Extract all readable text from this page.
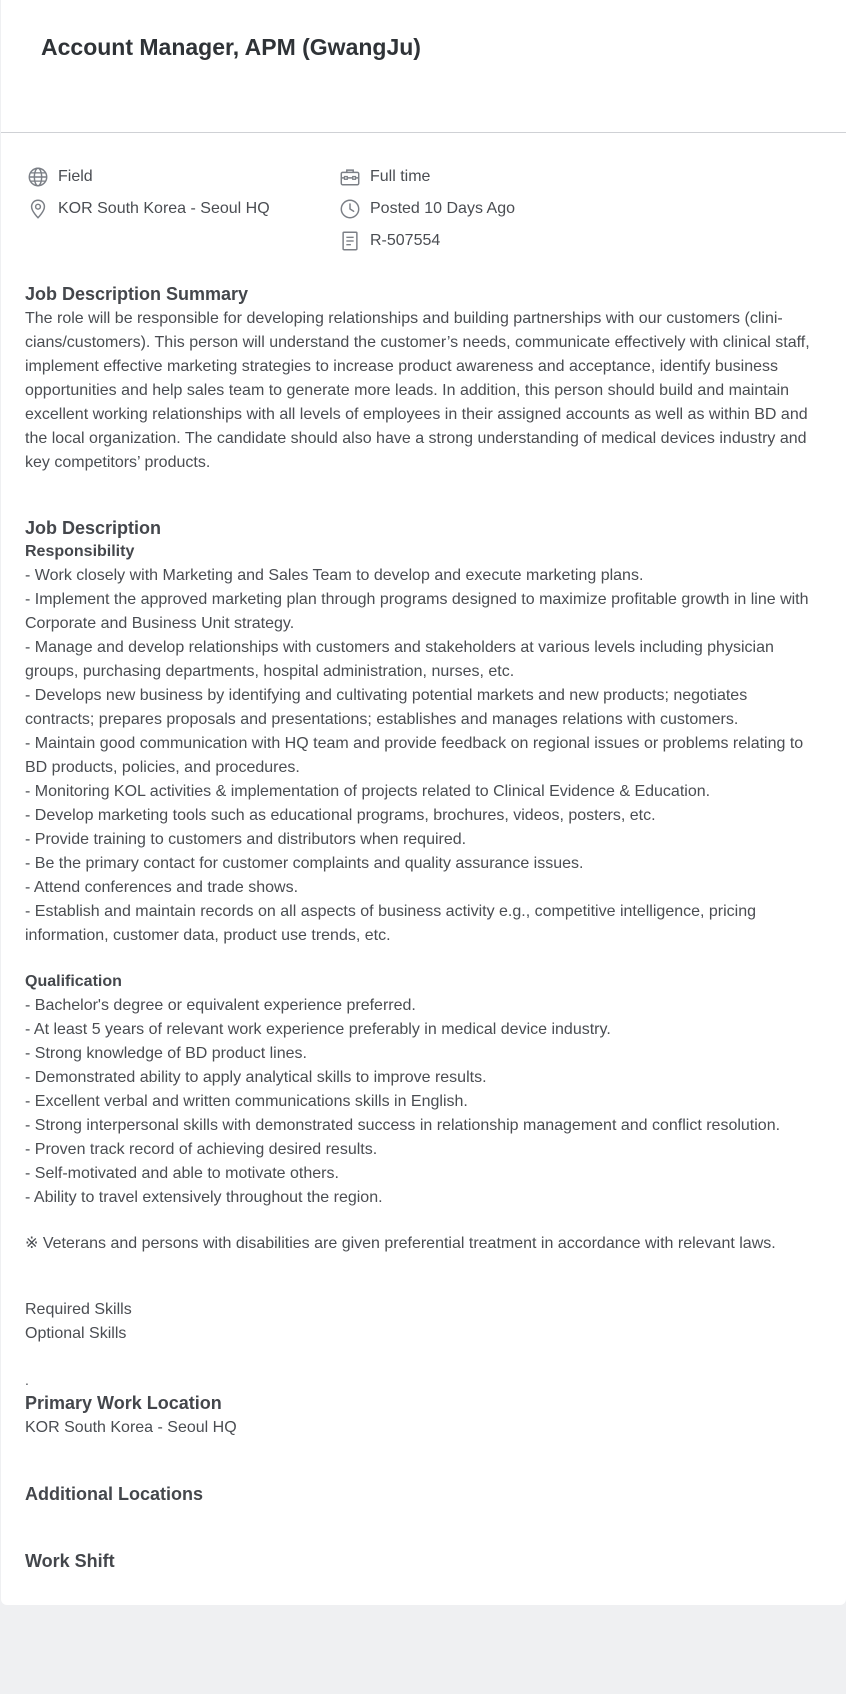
Account Manager, APM (GwangJu)
Field
KOR South Korea - Seoul HQ
Full time
Posted 10 Days Ago
R-507554
Job Description Summary
The role will be responsible for developing relationships and building partnerships with our customers (clini-
cians/customers). This person will understand the customer’s needs, communicate effectively with clinical staff,
implement effective marketing strategies to increase product awareness and acceptance, identify business
opportunities and help sales team to generate more leads. In addition, this person should build and maintain
excellent working relationships with all levels of employees in their assigned accounts as well as within BD and
the local organization. The candidate should also have a strong understanding of medical devices industry and
key competitors’ products.
Job Description
Responsibility
- Work closely with Marketing and Sales Team to develop and execute marketing plans.
- Implement the approved marketing plan through programs designed to maximize profitable growth in line with
Corporate and Business Unit strategy.
- Manage and develop relationships with customers and stakeholders at various levels including physician
groups, purchasing departments, hospital administration, nurses, etc.
- Develops new business by identifying and cultivating potential markets and new products; negotiates
contracts; prepares proposals and presentations; establishes and manages relations with customers.
- Maintain good communication with HQ team and provide feedback on regional issues or problems relating to
BD products, policies, and procedures.
- Monitoring KOL activities & implementation of projects related to Clinical Evidence & Education.
- Develop marketing tools such as educational programs, brochures, videos, posters, etc.
- Provide training to customers and distributors when required.
- Be the primary contact for customer complaints and quality assurance issues.
- Attend conferences and trade shows.
- Establish and maintain records on all aspects of business activity e.g., competitive intelligence, pricing
information, customer data, product use trends, etc.
Qualification
- Bachelor's degree or equivalent experience preferred.
- At least 5 years of relevant work experience preferably in medical device industry.
- Strong knowledge of BD product lines.
- Demonstrated ability to apply analytical skills to improve results.
- Excellent verbal and written communications skills in English.
- Strong interpersonal skills with demonstrated success in relationship management and conflict resolution.
- Proven track record of achieving desired results.
- Self-motivated and able to motivate others.
- Ability to travel extensively throughout the region.
※ Veterans and persons with disabilities are given preferential treatment in accordance with relevant laws.
Required Skills
Optional Skills
.
Primary Work Location
KOR South Korea - Seoul HQ
Additional Locations
Work Shift
